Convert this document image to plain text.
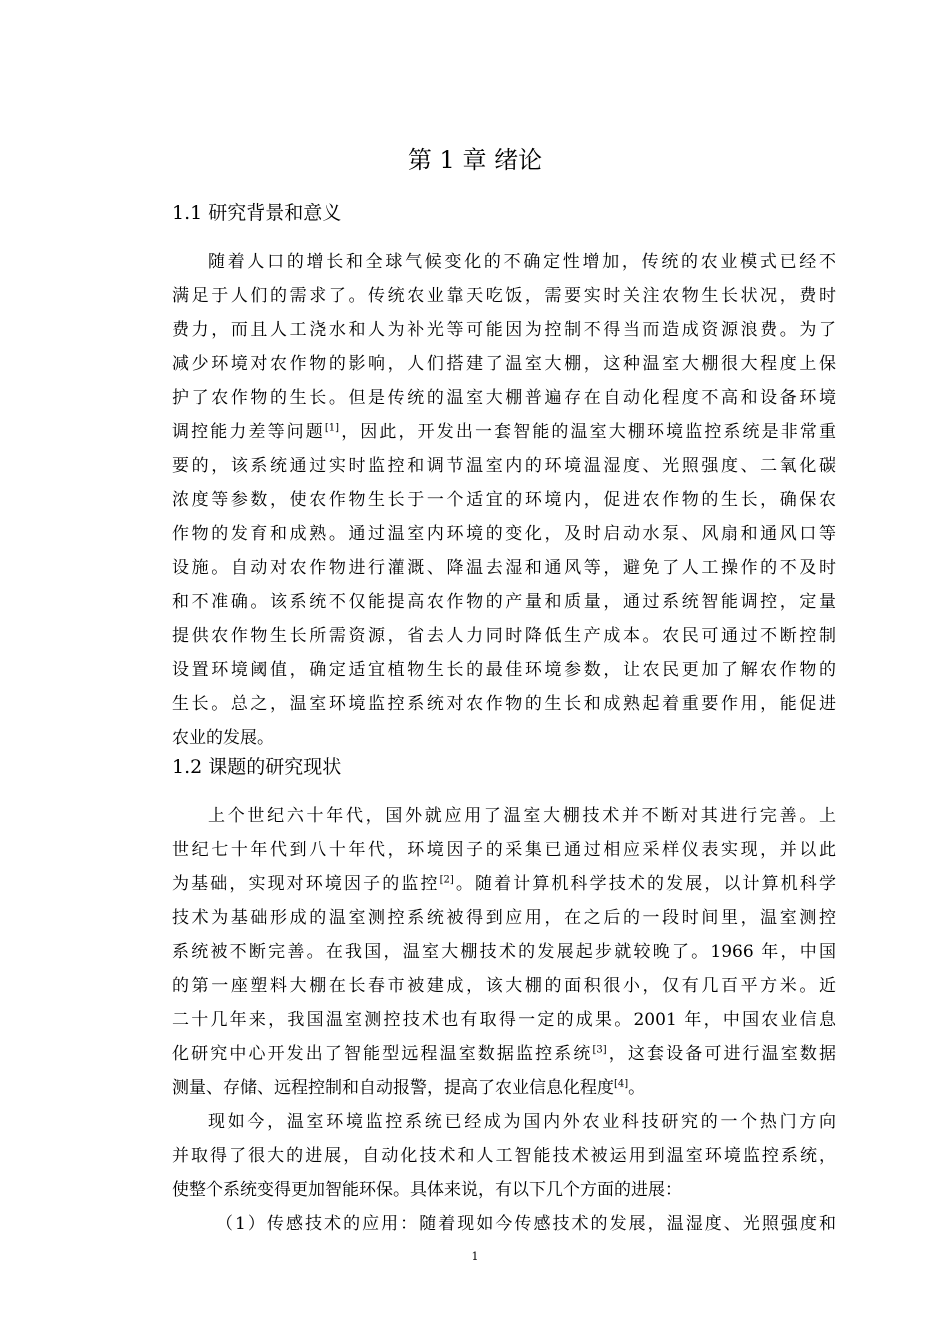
第 1 章 绪论
1.1 研究背景和意义
随着人口的增长和全球气候变化的不确定性增加，传统的农业模式已经不
满足于人们的需求了。传统农业靠天吃饭，需要实时关注农物生长状况，费时
费力，而且人工浇水和人为补光等可能因为控制不得当而造成资源浪费。为了
减少环境对农作物的影响，人们搭建了温室大棚，这种温室大棚很大程度上保
护了农作物的生长。但是传统的温室大棚普遍存在自动化程度不高和设备环境
调控能力差等问题[1]，因此，开发出一套智能的温室大棚环境监控系统是非常重
要的，该系统通过实时监控和调节温室内的环境温湿度、光照强度、二氧化碳
浓度等参数，使农作物生长于一个适宜的环境内，促进农作物的生长，确保农
作物的发育和成熟。通过温室内环境的变化，及时启动水泵、风扇和通风口等
设施。自动对农作物进行灌溉、降温去湿和通风等，避免了人工操作的不及时
和不准确。该系统不仅能提高农作物的产量和质量，通过系统智能调控，定量
提供农作物生长所需资源，省去人力同时降低生产成本。农民可通过不断控制
设置环境阈值，确定适宜植物生长的最佳环境参数，让农民更加了解农作物的
生长。总之，温室环境监控系统对农作物的生长和成熟起着重要作用，能促进
农业的发展。
1.2 课题的研究现状
上个世纪六十年代，国外就应用了温室大棚技术并不断对其进行完善。上
世纪七十年代到八十年代，环境因子的采集已通过相应采样仪表实现，并以此
为基础，实现对环境因子的监控[2]。随着计算机科学技术的发展，以计算机科学
技术为基础形成的温室测控系统被得到应用，在之后的一段时间里，温室测控
系统被不断完善。在我国，温室大棚技术的发展起步就较晚了。1966 年，中国
的第一座塑料大棚在长春市被建成，该大棚的面积很小，仅有几百平方米。近
二十几年来，我国温室测控技术也有取得一定的成果。2001 年，中国农业信息
化研究中心开发出了智能型远程温室数据监控系统[3]，这套设备可进行温室数据
测量、存储、远程控制和自动报警，提高了农业信息化程度[4]。
现如今，温室环境监控系统已经成为国内外农业科技研究的一个热门方向
并取得了很大的进展，自动化技术和人工智能技术被运用到温室环境监控系统，
使整个系统变得更加智能环保。具体来说，有以下几个方面的进展：
（1）传感技术的应用：随着现如今传感技术的发展，温湿度、光照强度和
1
